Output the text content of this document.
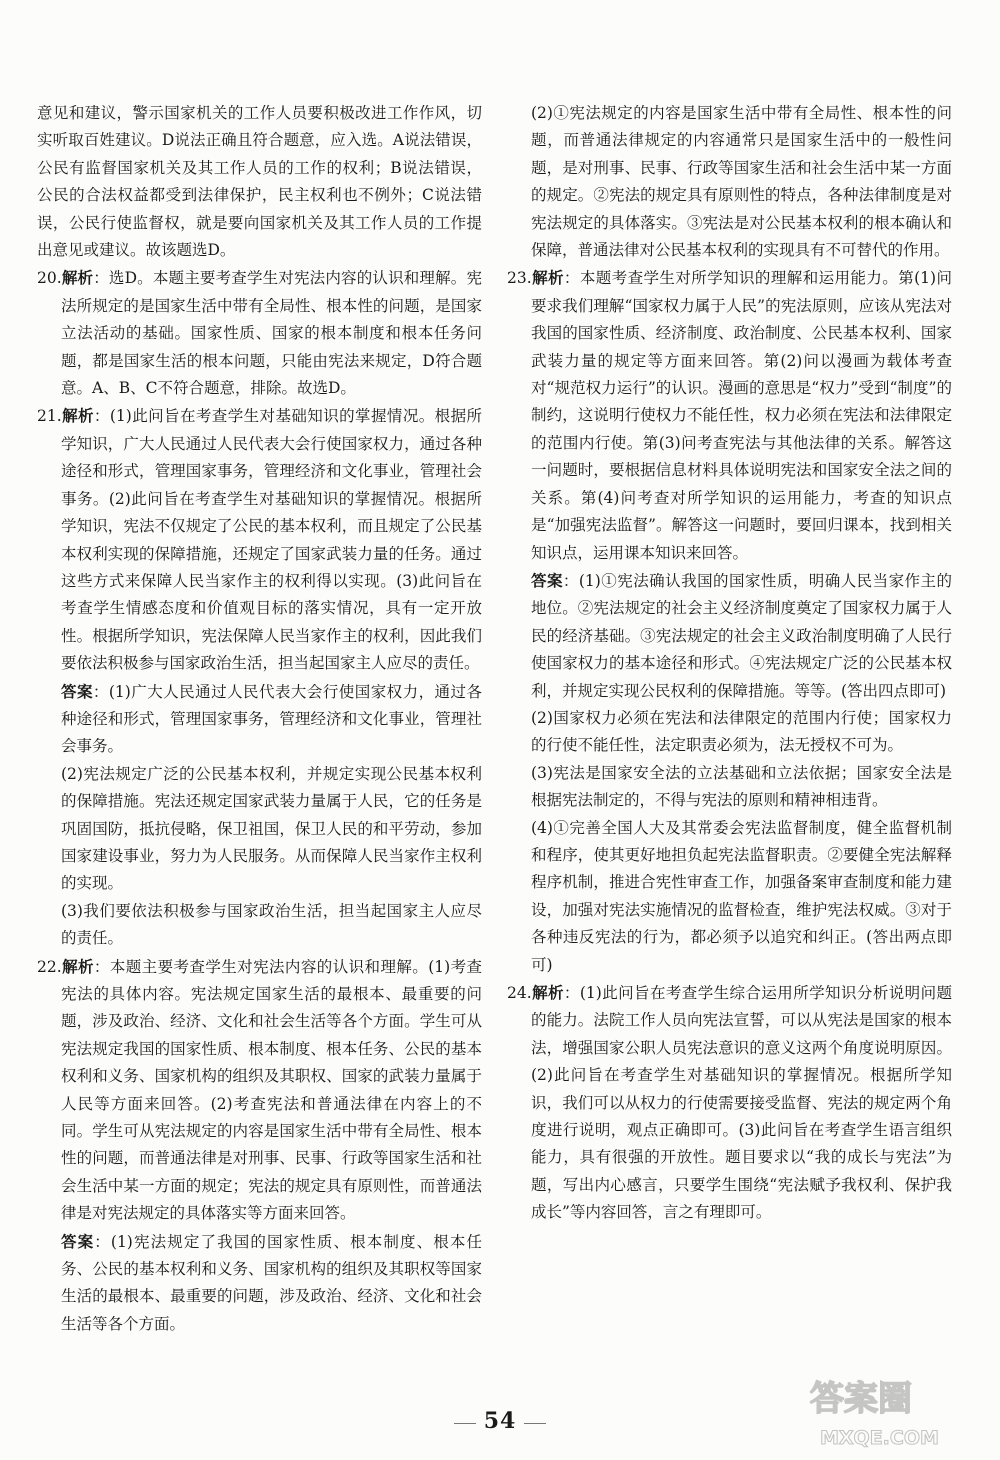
意见和建议，警示国家机关的工作人员要积极改进工作作风，切实听取百姓建议。D说法正确且符合题意，应入选。A说法错误，公民有监督国家机关及其工作人员的工作的权利；B说法错误，公民的合法权益都受到法律保护，民主权利也不例外；C说法错误，公民行使监督权，就是要向国家机关及其工作人员的工作提出意见或建议。故该题选D。

20.解析：选D。本题主要考查学生对宪法内容的认识和理解。宪法所规定的是国家生活中带有全局性、根本性的问题，是国家立法活动的基础。国家性质、国家的根本制度和根本任务问题，都是国家生活的根本问题，只能由宪法来规定，D符合题意。A、B、C不符合题意，排除。故选D。

21.解析：(1)此问旨在考查学生对基础知识的掌握情况。根据所学知识，广大人民通过人民代表大会行使国家权力，通过各种途径和形式，管理国家事务，管理经济和文化事业，管理社会事务。(2)此问旨在考查学生对基础知识的掌握情况。根据所学知识，宪法不仅规定了公民的基本权利，而且规定了公民基本权利实现的保障措施，还规定了国家武装力量的任务。通过这些方式来保障人民当家作主的权利得以实现。(3)此问旨在考查学生情感态度和价值观目标的落实情况，具有一定开放性。根据所学知识，宪法保障人民当家作主的权利，因此我们要依法积极参与国家政治生活，担当起国家主人应尽的责任。

答案：(1)广大人民通过人民代表大会行使国家权力，通过各种途径和形式，管理国家事务，管理经济和文化事业，管理社会事务。

(2)宪法规定广泛的公民基本权利，并规定实现公民基本权利的保障措施。宪法还规定国家武装力量属于人民，它的任务是巩固国防，抵抗侵略，保卫祖国，保卫人民的和平劳动，参加国家建设事业，努力为人民服务。从而保障人民当家作主权利的实现。

(3)我们要依法积极参与国家政治生活，担当起国家主人应尽的责任。

22.解析：本题主要考查学生对宪法内容的认识和理解。(1)考查宪法的具体内容。宪法规定国家生活的最根本、最重要的问题，涉及政治、经济、文化和社会生活等各个方面。学生可从宪法规定我国的国家性质、根本制度、根本任务、公民的基本权利和义务、国家机构的组织及其职权、国家的武装力量属于人民等方面来回答。(2)考查宪法和普通法律在内容上的不同。学生可从宪法规定的内容是国家生活中带有全局性、根本性的问题，而普通法律是对刑事、民事、行政等国家生活和社会生活中某一方面的规定；宪法的规定具有原则性，而普通法律是对宪法规定的具体落实等方面来回答。

答案：(1)宪法规定了我国的国家性质、根本制度、根本任务、公民的基本权利和义务、国家机构的组织及其职权等国家生活的最根本、最重要的问题，涉及政治、经济、文化和社会生活等各个方面。

(2)①宪法规定的内容是国家生活中带有全局性、根本性的问题，而普通法律规定的内容通常只是国家生活中的一般性问题，是对刑事、民事、行政等国家生活和社会生活中某一方面的规定。②宪法的规定具有原则性的特点，各种法律制度是对宪法规定的具体落实。③宪法是对公民基本权利的根本确认和保障，普通法律对公民基本权利的实现具有不可替代的作用。

23.解析：本题考查学生对所学知识的理解和运用能力。第(1)问要求我们理解“国家权力属于人民”的宪法原则，应该从宪法对我国的国家性质、经济制度、政治制度、公民基本权利、国家武装力量的规定等方面来回答。第(2)问以漫画为载体考查对“规范权力运行”的认识。漫画的意思是“权力”受到“制度”的制约，这说明行使权力不能任性，权力必须在宪法和法律限定的范围内行使。第(3)问考查宪法与其他法律的关系。解答这一问题时，要根据信息材料具体说明宪法和国家安全法之间的关系。第(4)问考查对所学知识的运用能力，考查的知识点是“加强宪法监督”。解答这一问题时，要回归课本，找到相关知识点，运用课本知识来回答。

答案：(1)①宪法确认我国的国家性质，明确人民当家作主的地位。②宪法规定的社会主义经济制度奠定了国家权力属于人民的经济基础。③宪法规定的社会主义政治制度明确了人民行使国家权力的基本途径和形式。④宪法规定广泛的公民基本权利，并规定实现公民权利的保障措施。等等。(答出四点即可)

(2)国家权力必须在宪法和法律限定的范围内行使；国家权力的行使不能任性，法定职责必须为，法无授权不可为。

(3)宪法是国家安全法的立法基础和立法依据；国家安全法是根据宪法制定的，不得与宪法的原则和精神相违背。

(4)①完善全国人大及其常委会宪法监督制度，健全监督机制和程序，使其更好地担负起宪法监督职责。②要健全宪法解释程序机制，推进合宪性审查工作，加强备案审查制度和能力建设，加强对宪法实施情况的监督检查，维护宪法权威。③对于各种违反宪法的行为，都必须予以追究和纠正。(答出两点即可)

24.解析：(1)此问旨在考查学生综合运用所学知识分析说明问题的能力。法院工作人员向宪法宣誓，可以从宪法是国家的根本法，增强国家公职人员宪法意识的意义这两个角度说明原因。(2)此问旨在考查学生对基础知识的掌握情况。根据所学知识，我们可以从权力的行使需要接受监督、宪法的规定两个角度进行说明，观点正确即可。(3)此问旨在考查学生语言组织能力，具有很强的开放性。题目要求以“我的成长与宪法”为题，写出内心感言，只要学生围绕“宪法赋予我权利、保护我成长”等内容回答，言之有理即可。

54
答案圈
MXQE.COM
